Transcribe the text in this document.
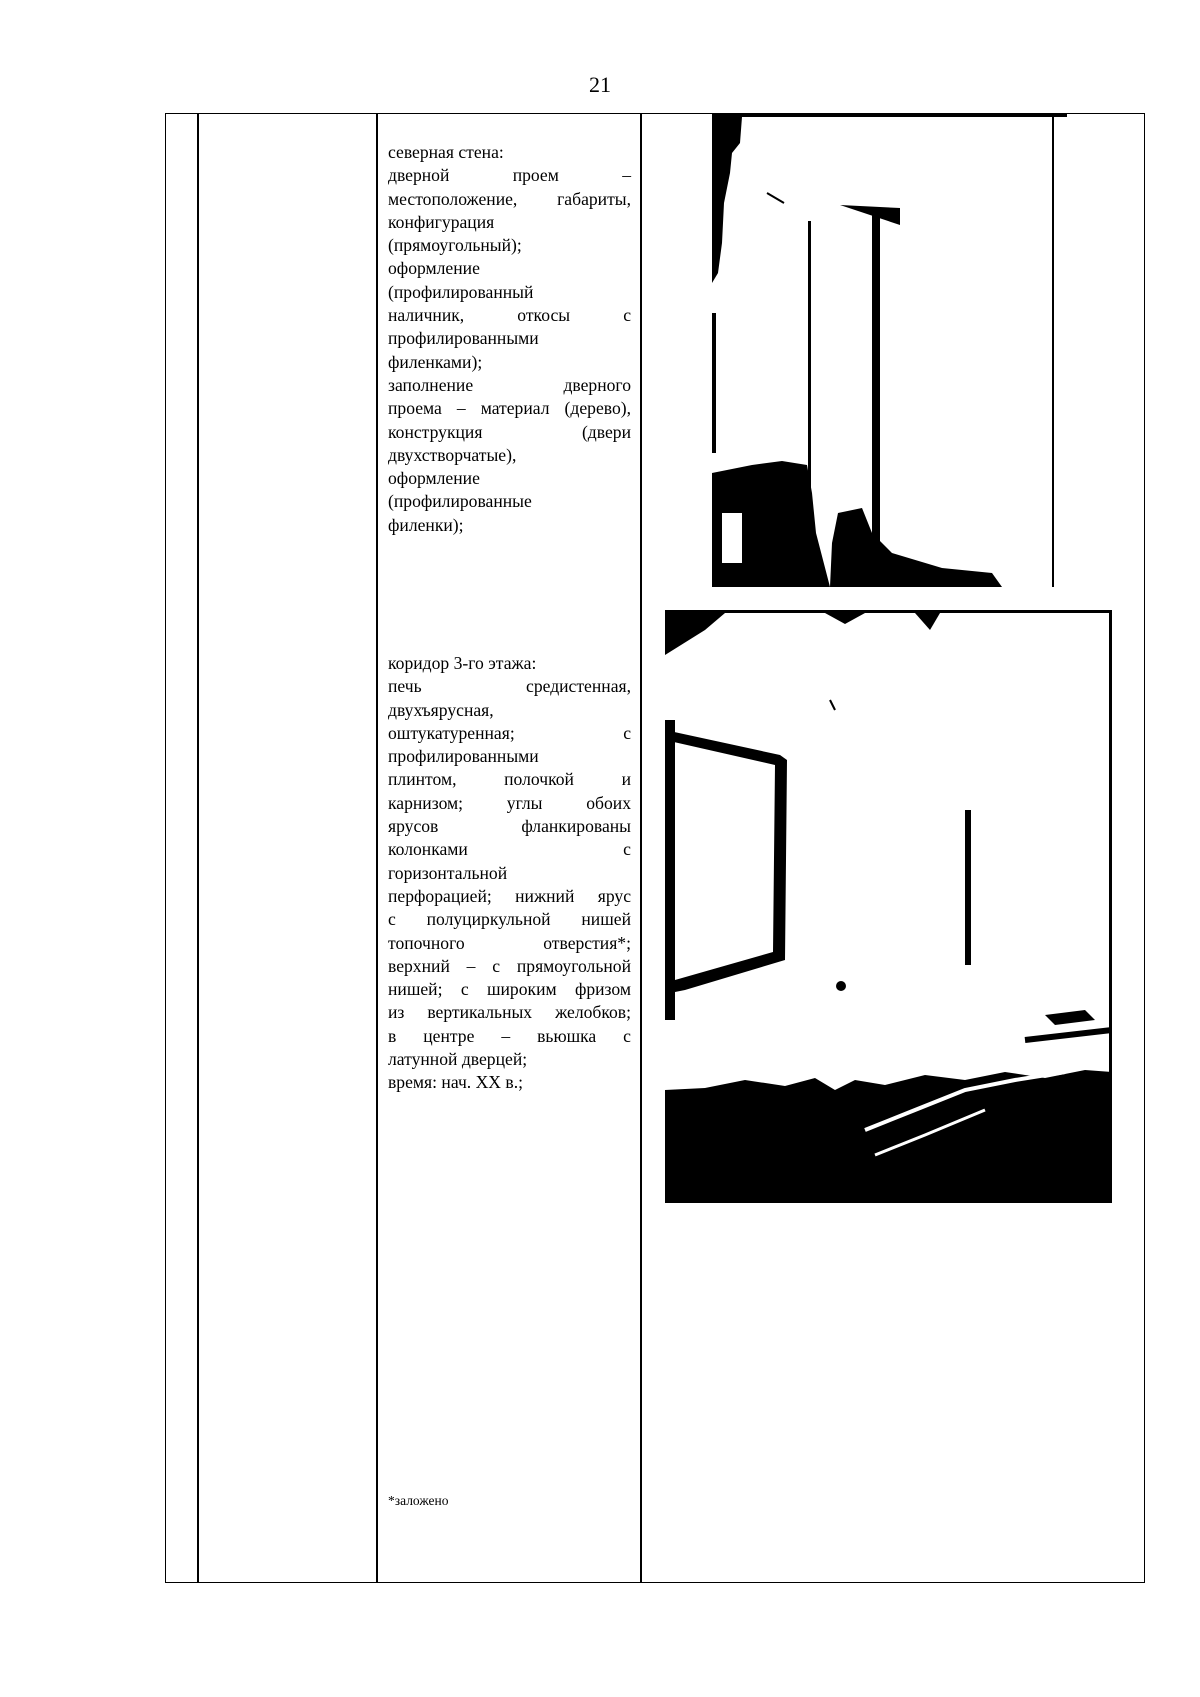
21
северная стена:
дверной проем –
местоположение, габариты,
конфигурация
(прямоугольный);
оформление
(профилированный
наличник, откосы с
профилированными
филенками);
заполнение дверного
проема – материал (дерево),
конструкция (двери
двухстворчатые),
оформление
(профилированные
филенки);
коридор 3-го этажа:
печь средистенная,
двухъярусная,
оштукатуренная; с
профилированными
плинтом, полочкой и
карнизом; углы обоих
ярусов фланкированы
колонками с
горизонтальной
перфорацией; нижний ярус
с полуциркульной нишей
топочного отверстия*;
верхний – с прямоугольной
нишей; с широким фризом
из вертикальных желобков;
в центре – вьюшка с
латунной дверцей;
время: нач. XX в.;
*заложено
